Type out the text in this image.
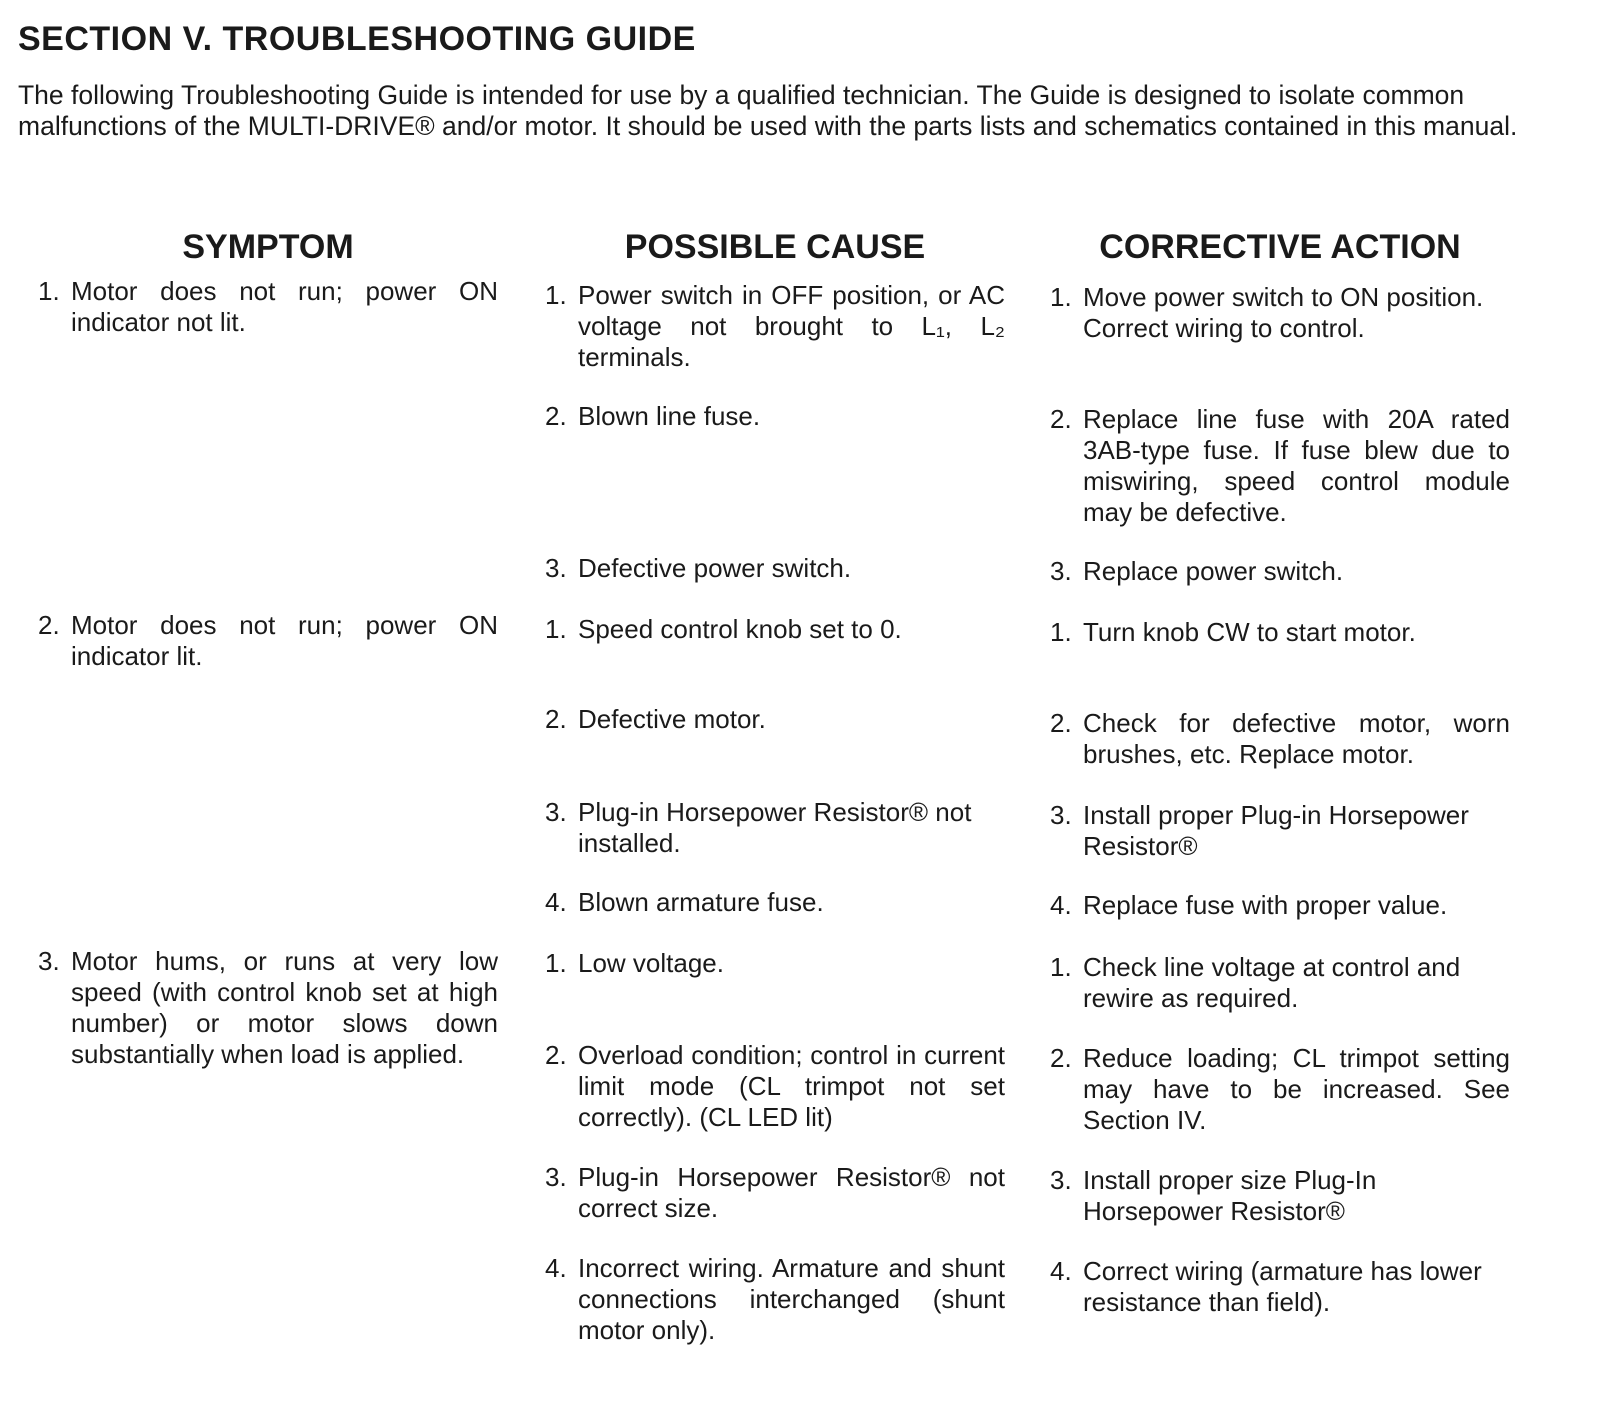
SECTION V. TROUBLESHOOTING GUIDE
The following Troubleshooting Guide is intended for use by a qualified technician. The Guide is designed to isolate common malfunctions of the MULTI-DRIVE® and/or motor. It should be used with the parts lists and schematics contained in this manual.
SYMPTOM	POSSIBLE CAUSE	CORRECTIVE ACTION
1. Motor does not run; power ON indicator not lit.
2. Motor does not run; power ON indicator lit.
3. Motor hums, or runs at very low speed (with control knob set at high number) or motor slows down substantially when load is applied.
1. Power switch in OFF position, or AC voltage not brought to L₁, L₂ terminals.
2. Blown line fuse.
3. Defective power switch.
1. Speed control knob set to 0.
2. Defective motor.
3. Plug-in Horsepower Resistor® not installed.
4. Blown armature fuse.
1. Low voltage.
2. Overload condition; control in current limit mode (CL trimpot not set correctly). (CL LED lit)
3. Plug-in Horsepower Resistor® not correct size.
4. Incorrect wiring. Armature and shunt connections interchanged (shunt motor only).
1. Move power switch to ON position. Correct wiring to control.
2. Replace line fuse with 20A rated 3AB-type fuse. If fuse blew due to miswiring, speed control module may be defective.
3. Replace power switch.
1. Turn knob CW to start motor.
2. Check for defective motor, worn brushes, etc. Replace motor.
3. Install proper Plug-in Horsepower Resistor®
4. Replace fuse with proper value.
1. Check line voltage at control and rewire as required.
2. Reduce loading; CL trimpot setting may have to be increased. See Section IV.
3. Install proper size Plug-In Horsepower Resistor®
4. Correct wiring (armature has lower resistance than field).
